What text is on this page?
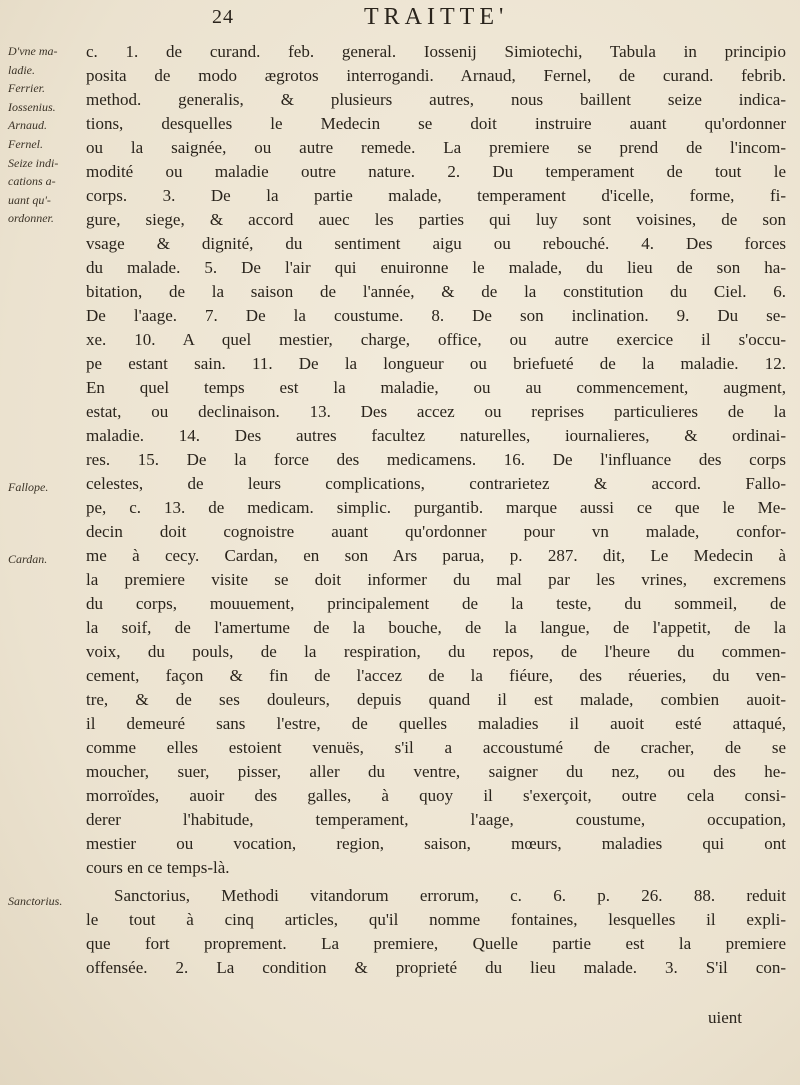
24	TRAITTE'
D'vne ma-
ladie.
Ferrier.
Iossenius.
Arnaud.
Fernel.
Seize indi-
cations a-
uant qu'-
ordonner.
Fallope.
Cardan.
Sanctorius.
c. 1. de curand. feb. general. Iossenij Simiotechi, Tabula in principio
posita de modo ægrotos interrogandi. Arnaud, Fernel, de curand. febrib.
method. generalis, & plusieurs autres, nous baillent seize indica-
tions, desquelles le Medecin se doit instruire auant qu'ordonner
ou la saignée, ou autre remede. La premiere se prend de l'incom-
modité ou maladie outre nature. 2. Du temperament de tout le
corps. 3. De la partie malade, temperament d'icelle, forme, fi-
gure, siege, & accord auec les parties qui luy sont voisines, de son
vsage & dignité, du sentiment aigu ou rebouché. 4. Des forces
du malade. 5. De l'air qui enuironne le malade, du lieu de son ha-
bitation, de la saison de l'année, & de la constitution du Ciel. 6.
De l'aage. 7. De la coustume. 8. De son inclination. 9. Du se-
xe. 10. A quel mestier, charge, office, ou autre exercice il s'occu-
pe estant sain. 11. De la longueur ou briefueté de la maladie. 12.
En quel temps est la maladie, ou au commencement, augment,
estat, ou declinaison. 13. Des accez ou reprises particulieres de la
maladie. 14. Des autres facultez naturelles, iournalieres, & ordinai-
res. 15. De la force des medicamens. 16. De l'influance des corps
celestes, de leurs complications, contrarietez & accord. Fallo-
pe, c. 13. de medicam. simplic. purgantib. marque aussi ce que le Me-
decin doit cognoistre auant qu'ordonner pour vn malade, confor-
me à cecy. Cardan, en son Ars parua, p. 287. dit, Le Medecin à
la premiere visite se doit informer du mal par les vrines, excremens
du corps, mouuement, principalement de la teste, du sommeil, de
la soif, de l'amertume de la bouche, de la langue, de l'appetit, de la
voix, du pouls, de la respiration, du repos, de l'heure du commen-
cement, façon & fin de l'accez de la fiéure, des réueries, du ven-
tre, & de ses douleurs, depuis quand il est malade, combien auoit-
il demeuré sans l'estre, de quelles maladies il auoit esté attaqué,
comme elles estoient venuës, s'il a accoustumé de cracher, de se
moucher, suer, pisser, aller du ventre, saigner du nez, ou des he-
morroïdes, auoir des galles, à quoy il s'exerçoit, outre cela consi-
derer l'habitude, temperament, l'aage, coustume, occupation,
mestier ou vocation, region, saison, mœurs, maladies qui ont
cours en ce temps-là.
Sanctorius, Methodi vitandorum errorum, c. 6. p. 26. 88. reduit
le tout à cinq articles, qu'il nomme fontaines, lesquelles il expli-
que fort proprement. La premiere, Quelle partie est la premiere
offensée. 2. La condition & proprieté du lieu malade. 3. S'il con-
uient
